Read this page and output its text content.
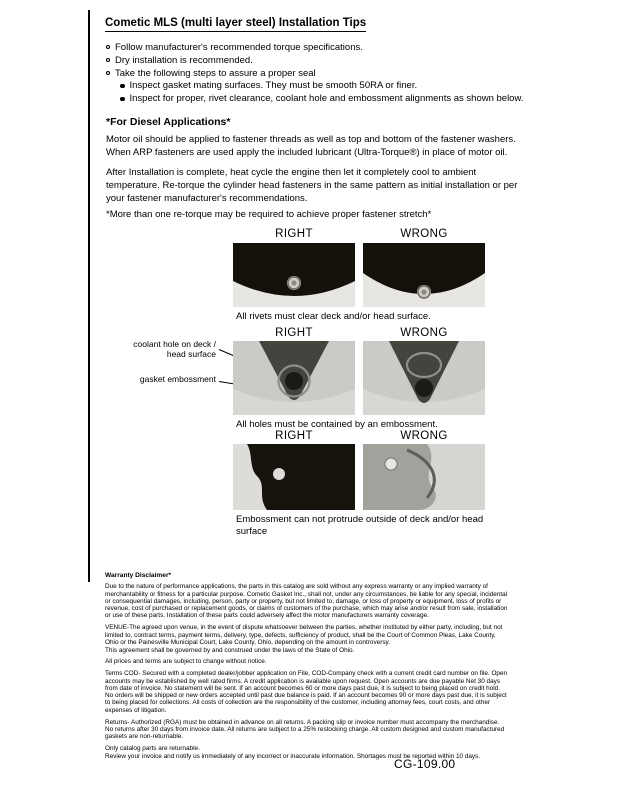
Cometic MLS (multi layer steel) Installation Tips
Follow manufacturer's recommended torque specifications.
Dry installation is recommended.
Take the following steps to assure a proper seal
Inspect gasket mating surfaces. They must be smooth 50RA or finer.
Inspect for proper, rivet clearance, coolant hole and embossment alignments as shown below.
*For Diesel Applications*

Motor oil should be applied to fastener threads as well as top and bottom of the fastener washers. When ARP fasteners are used apply the included lubricant (Ultra-Torque®) in place of motor oil.

After Installation is complete, heat cycle the engine then let it completely cool to ambient temperature. Re-torque the cylinder head fasteners in the same pattern as initial installation or per your fastener manufacturer's recommendations.

*More than one re-torque may be required to achieve proper fastener stretch*
RIGHT	WRONG
All rivets must clear deck and/or head surface.
RIGHT	WRONG
coolant hole on deck / head surface
gasket embossment
All holes must be contained by an embossment.
RIGHT	WRONG
Embossment can not protrude outside of deck and/or head surface
Warranty Disclaimer*

Due to the nature of performance applications, the parts in this catalog are sold without any express warranty or any implied warranty of merchantability or fitness for a particular purpose. Cometic Gasket Inc., shall not, under any circumstances, be liable for any special, incidental or consequential damages, including, person, party or property, but not limited to, damage, or loss of property or equipment, loss of profits or revenue, cost of purchased or replacement goods, or claims of customers of the purchase, which may arise and/or result from sale, installation or use of these parts. Installation of these parts could adversely affect the motor manufacturers warranty coverage.

VENUE-The agreed upon venue, in the event of dispute whatsoever between the parties, whether instituted by either party, including, but not limited to, contract terms, payment terms, delivery, type, defects, sufficiency of product, shall be the Court of Common Pleas, Lake County, Ohio or the Painesville Municipal Court, Lake County, Ohio, depending on the amount in controversy.

This agreement shall be governed by and construed under the laws of the State of Ohio.

All prices and terms are subject to change without notice.

Terms COD- Secured with a completed dealer/jobber application on File, COD-Company check with a current credit card number on file. Open accounts may be established by well rated firms. A credit application is available upon request. Open accounts are due payable Net 30 days from date of invoice. No statement will be sent. If an account becomes 60 or more days past due, it is subject to being placed on credit hold. No orders will be shipped or new orders accepted until past due balance is paid. If an account becomes 90 or more days past due, it is subject to being placed for collections. All costs of collection are the responsibility of the customer, including attorney fees, court costs, and other expenses of litigation.

Returns- Authorized (RGA) must be obtained in advance on all returns. A packing slip or invoice number must accompany the merchandise. No returns after 30 days from invoice date. All returns are subject to a 25% restocking charge. All custom designed and custom manufactured gaskets are non-returnable.

Only catalog parts are returnable.

Review your invoice and notify us immediately of any incorrect or inaccurate information. Shortages must be reported within 10 days.

CG-109.00
